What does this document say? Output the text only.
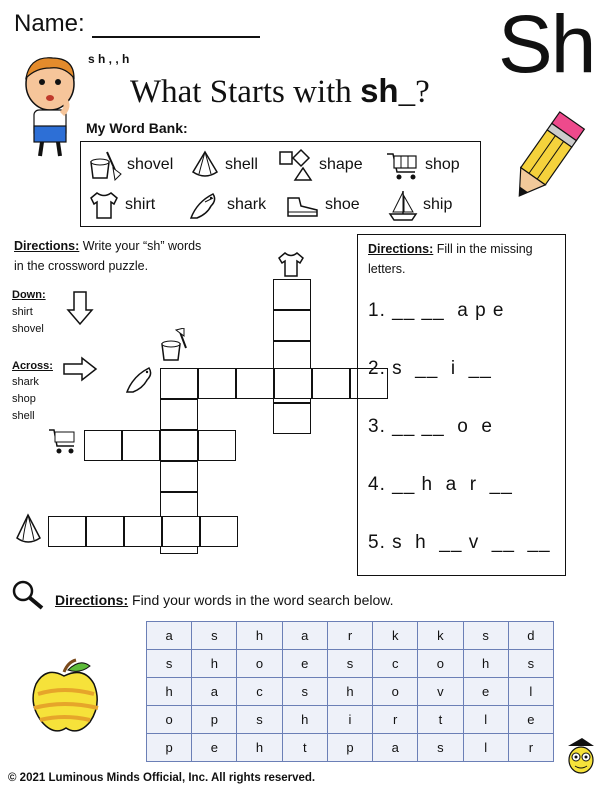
Name:	Sh
s h , , h
What Starts with sh_?
My Word Bank:
shovel	shell	shape	shop
shirt	shark	shoe	ship
Directions: Write your “sh” words
in the crossword puzzle.
Down:
shirt
shovel
Across:
shark
shop
shell
Directions: Fill in the missing
letters.
1. __ __  a p e
2. s  __  i  __
3. __ __  o  e
4. __ h  a  r  __
5. s  h  __ v  __  __
Directions: Find your words in the word search below.
a	s	h	a	r	k	k	s	d
s	h	o	e	s	c	o	h	s
h	a	c	s	h	o	v	e	l
o	p	s	h	i	r	t	l	e
p	e	h	t	p	a	s	l	r
© 2021 Luminous Minds Official, Inc. All rights reserved.
